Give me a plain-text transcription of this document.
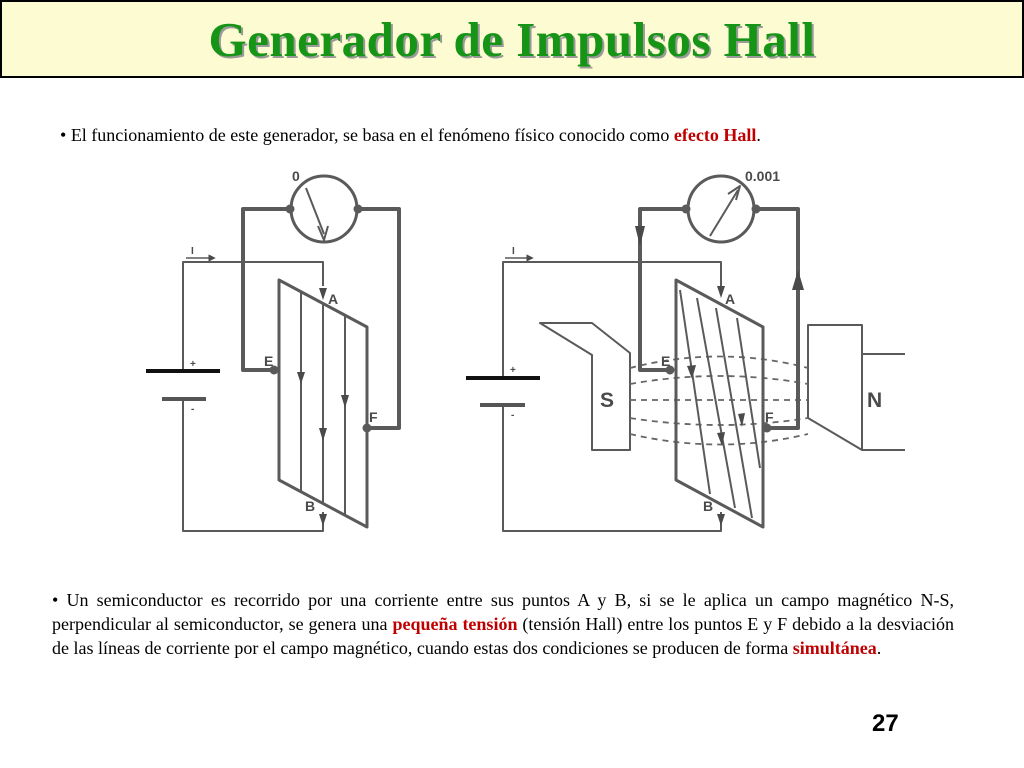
Generador de Impulsos Hall
• El funcionamiento de este generador, se basa en el fenómeno físico conocido como efecto Hall.
0
I
+
-
A
E
F
B
0.001
I
+
-
A
E
F
B
S	N
• Un semiconductor es recorrido por una corriente entre sus puntos A y B, si se le aplica un campo magnético N-S, perpendicular al semiconductor, se genera una pequeña tensión (tensión Hall) entre los puntos E y F debido a la desviación de las líneas de corriente por el campo magnético, cuando estas dos condiciones se producen de forma simultánea.
27
